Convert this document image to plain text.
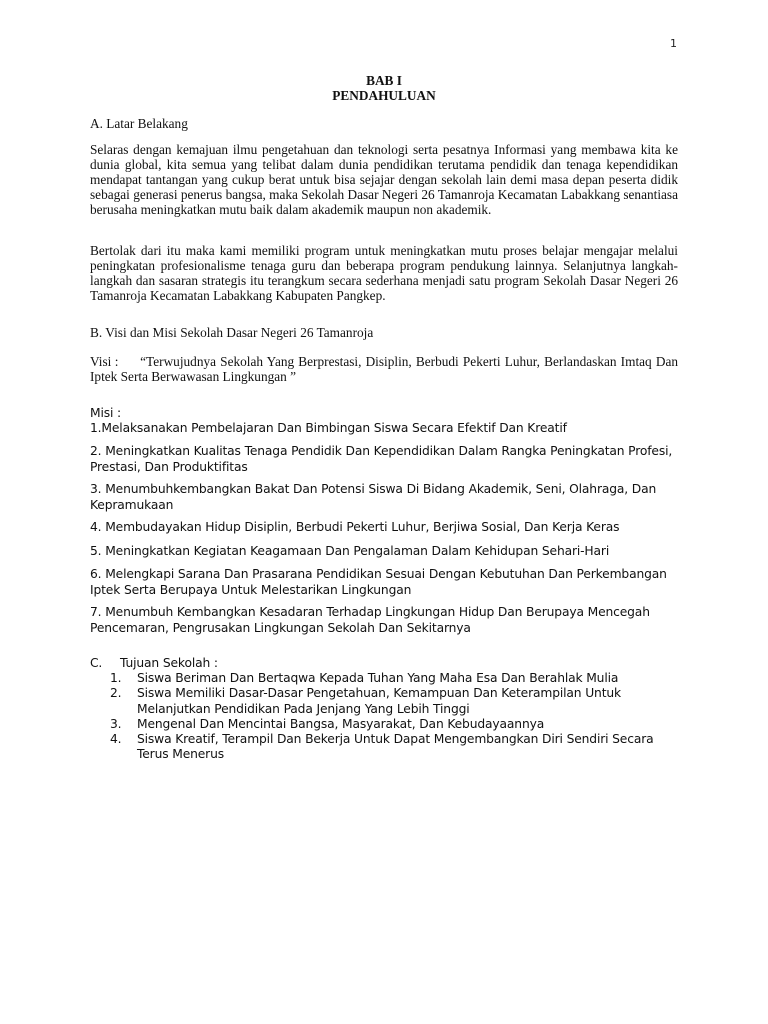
1
BAB I
PENDAHULUAN
A. Latar Belakang
Selaras dengan kemajuan ilmu pengetahuan dan teknologi serta pesatnya Informasi yang membawa kita ke dunia global, kita semua yang telibat dalam dunia pendidikan terutama pendidik dan tenaga kependidikan mendapat tantangan yang cukup berat untuk bisa sejajar dengan sekolah lain demi masa depan peserta didik sebagai generasi penerus bangsa, maka Sekolah Dasar Negeri 26 Tamanroja Kecamatan Labakkang senantiasa berusaha meningkatkan mutu baik dalam akademik maupun non akademik.
Bertolak dari itu maka kami memiliki program untuk meningkatkan mutu proses belajar mengajar melalui peningkatan profesionalisme tenaga guru dan beberapa program pendukung lainnya. Selanjutnya langkah-langkah dan sasaran strategis itu terangkum secara sederhana menjadi satu program Sekolah Dasar Negeri 26 Tamanroja Kecamatan Labakkang Kabupaten Pangkep.
B. Visi dan Misi Sekolah Dasar Negeri 26 Tamanroja
Visi : “Terwujudnya Sekolah Yang Berprestasi, Disiplin, Berbudi Pekerti Luhur, Berlandaskan Imtaq Dan Iptek Serta Berwawasan Lingkungan ”
Misi :
1.Melaksanakan Pembelajaran Dan Bimbingan Siswa Secara Efektif Dan Kreatif
2. Meningkatkan Kualitas Tenaga Pendidik Dan Kependidikan Dalam Rangka Peningkatan Profesi, Prestasi, Dan Produktifitas
3. Menumbuhkembangkan Bakat Dan Potensi Siswa Di Bidang Akademik, Seni, Olahraga, Dan Kepramukaan
4. Membudayakan Hidup Disiplin, Berbudi Pekerti Luhur, Berjiwa Sosial, Dan Kerja Keras
5. Meningkatkan Kegiatan Keagamaan Dan Pengalaman Dalam Kehidupan Sehari-Hari
6. Melengkapi Sarana Dan Prasarana Pendidikan Sesuai Dengan Kebutuhan Dan Perkembangan Iptek Serta Berupaya Untuk Melestarikan Lingkungan
7. Menumbuh Kembangkan Kesadaran Terhadap Lingkungan Hidup Dan Berupaya Mencegah Pencemaran, Pengrusakan Lingkungan Sekolah Dan Sekitarnya
C. Tujuan Sekolah :
1. Siswa Beriman Dan Bertaqwa Kepada Tuhan Yang Maha Esa Dan Berahlak Mulia
2. Siswa Memiliki Dasar-Dasar Pengetahuan, Kemampuan Dan Keterampilan Untuk Melanjutkan Pendidikan Pada Jenjang Yang Lebih Tinggi
3. Mengenal Dan Mencintai Bangsa, Masyarakat, Dan Kebudayaannya
4. Siswa Kreatif, Terampil Dan Bekerja Untuk Dapat Mengembangkan Diri Sendiri Secara Terus Menerus
